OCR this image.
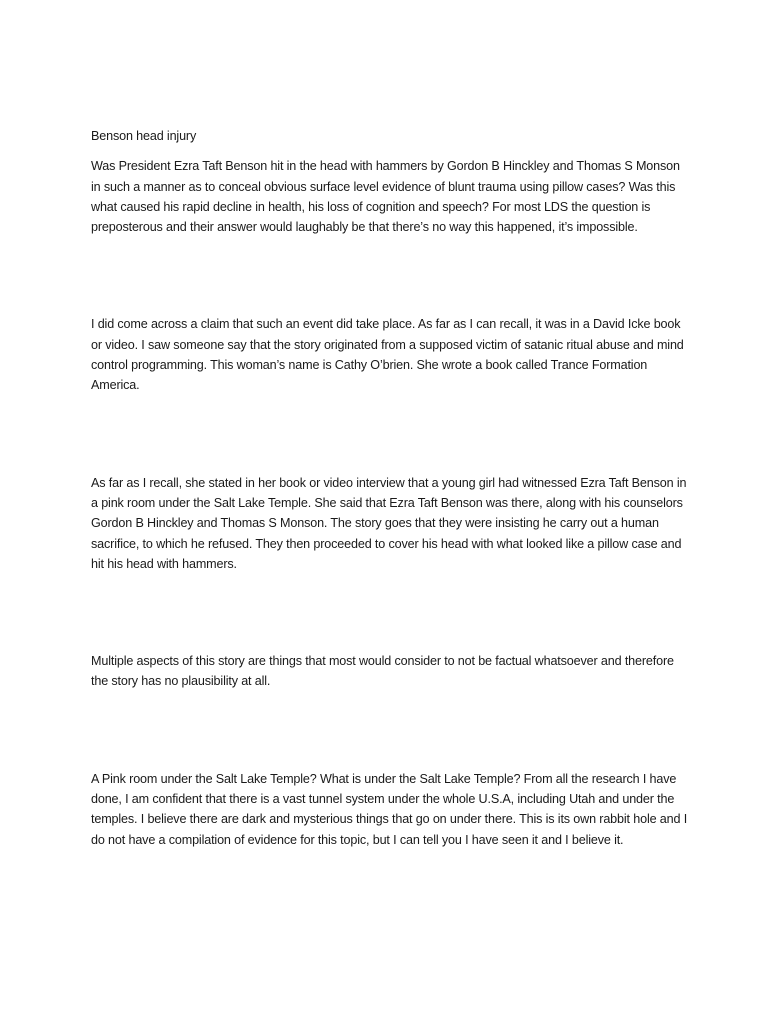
Benson head injury

Was President Ezra Taft Benson hit in the head with hammers by Gordon B Hinckley and Thomas S Monson in such a manner as to conceal obvious surface level evidence of blunt trauma using pillow cases? Was this what caused his rapid decline in health, his loss of cognition and speech? For most LDS the question is preposterous and their answer would laughably be that there’s no way this happened, it’s impossible.

I did come across a claim that such an event did take place. As far as I can recall, it was in a David Icke book or video. I saw someone say that the story originated from a supposed victim of satanic ritual abuse and mind control programming. This woman’s name is Cathy O’brien. She wrote a book called Trance Formation America.

As far as I recall, she stated in her book or video interview that a young girl had witnessed Ezra Taft Benson in a pink room under the Salt Lake Temple. She said that Ezra Taft Benson was there, along with his counselors Gordon B Hinckley and Thomas S Monson. The story goes that they were insisting he carry out a human sacrifice, to which he refused. They then proceeded to cover his head with what looked like a pillow case and hit his head with hammers.

Multiple aspects of this story are things that most would consider to not be factual whatsoever and therefore the story has no plausibility at all.

A Pink room under the Salt Lake Temple? What is under the Salt Lake Temple? From all the research I have done, I am confident that there is a vast tunnel system under the whole U.S.A, including Utah and under the temples. I believe there are dark and mysterious things that go on under there. This is its own rabbit hole and I do not have a compilation of evidence for this topic, but I can tell you I have seen it and I believe it.
